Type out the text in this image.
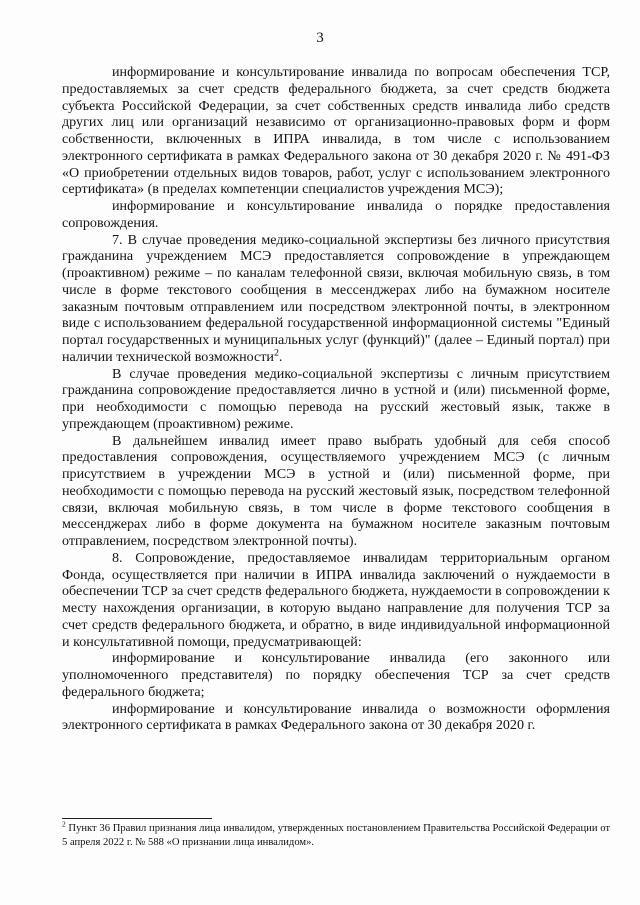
3

информирование и консультирование инвалида по вопросам обеспечения ТСР, предоставляемых за счет средств федерального бюджета, за счет средств бюджета субъекта Российской Федерации, за счет собственных средств инвалида либо средств других лиц или организаций независимо от организационно-правовых форм и форм собственности, включенных в ИПРА инвалида, в том числе с использованием электронного сертификата в рамках Федерального закона от 30 декабря 2020 г. № 491-ФЗ «О приобретении отдельных видов товаров, работ, услуг с использованием электронного сертификата» (в пределах компетенции специалистов учреждения МСЭ);

информирование и консультирование инвалида о порядке предоставления сопровождения.

7. В случае проведения медико-социальной экспертизы без личного присутствия гражданина учреждением МСЭ предоставляется сопровождение в упреждающем (проактивном) режиме – по каналам телефонной связи, включая мобильную связь, в том числе в форме текстового сообщения в мессенджерах либо на бумажном носителе заказным почтовым отправлением или посредством электронной почты, в электронном виде с использованием федеральной государственной информационной системы "Единый портал государственных и муниципальных услуг (функций)" (далее – Единый портал) при наличии технической возможности$^2$.

В случае проведения медико-социальной экспертизы с личным присутствием гражданина сопровождение предоставляется лично в устной и (или) письменной форме, при необходимости с помощью перевода на русский жестовый язык, также в упреждающем (проактивном) режиме.

В дальнейшем инвалид имеет право выбрать удобный для себя способ предоставления сопровождения, осуществляемого учреждением МСЭ (с личным присутствием в учреждении МСЭ в устной и (или) письменной форме, при необходимости с помощью перевода на русский жестовый язык, посредством телефонной связи, включая мобильную связь, в том числе в форме текстового сообщения в мессенджерах либо в форме документа на бумажном носителе заказным почтовым отправлением, посредством электронной почты).

8. Сопровождение, предоставляемое инвалидам территориальным органом Фонда, осуществляется при наличии в ИПРА инвалида заключений о нуждаемости в обеспечении ТСР за счет средств федерального бюджета, нуждаемости в сопровождении к месту нахождения организации, в которую выдано направление для получения ТСР за счет средств федерального бюджета, и обратно, в виде индивидуальной информационной и консультативной помощи, предусматривающей:

информирование и консультирование инвалида (его законного или уполномоченного представителя) по порядку обеспечения ТСР за счет средств федерального бюджета;

информирование и консультирование инвалида о возможности оформления электронного сертификата в рамках Федерального закона от 30 декабря 2020 г.

$^2$ Пункт 36 Правил признания лица инвалидом, утвержденных постановлением Правительства Российской Федерации от 5 апреля 2022 г. № 588 «О признании лица инвалидом».
